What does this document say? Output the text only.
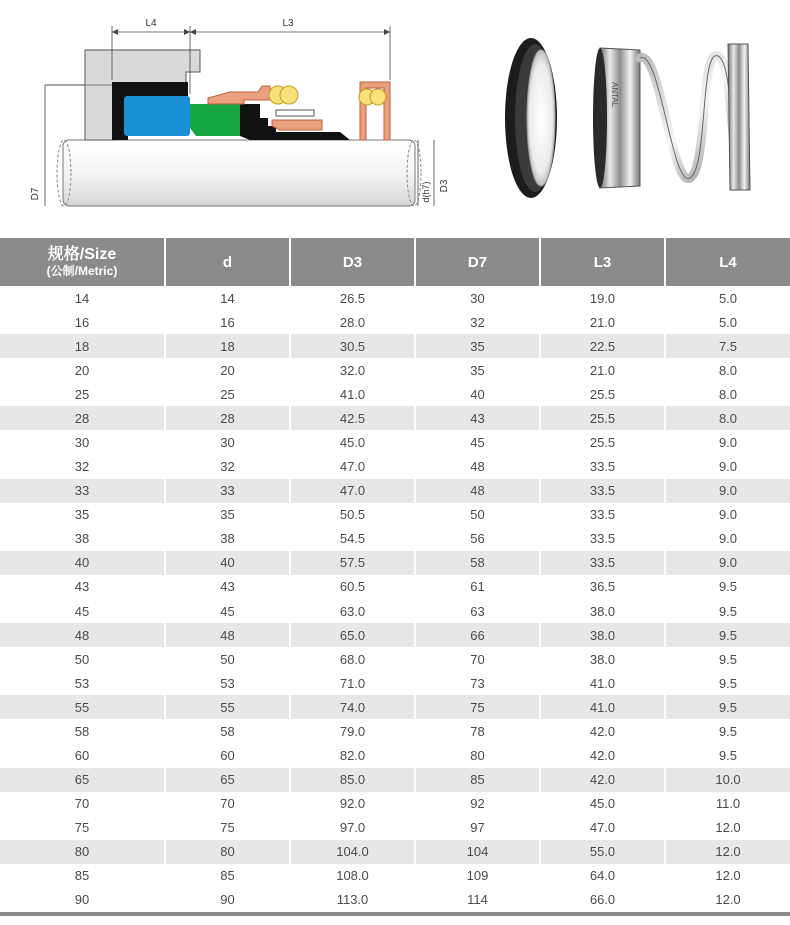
L4	L3
D7	d(h7) D3
ANTAL
规格/Size
(公制/Metric)	d	D3	D7	L3	L4
14	14	26.5	30	19.0	5.0
16	16	28.0	32	21.0	5.0
18	18	30.5	35	22.5	7.5
20	20	32.0	35	21.0	8.0
25	25	41.0	40	25.5	8.0
28	28	42.5	43	25.5	8.0
30	30	45.0	45	25.5	9.0
32	32	47.0	48	33.5	9.0
33	33	47.0	48	33.5	9.0
35	35	50.5	50	33.5	9.0
38	38	54.5	56	33.5	9.0
40	40	57.5	58	33.5	9.0
43	43	60.5	61	36.5	9.5
45	45	63.0	63	38.0	9.5
48	48	65.0	66	38.0	9.5
50	50	68.0	70	38.0	9.5
53	53	71.0	73	41.0	9.5
55	55	74.0	75	41.0	9.5
58	58	79.0	78	42.0	9.5
60	60	82.0	80	42.0	9.5
65	65	85.0	85	42.0	10.0
70	70	92.0	92	45.0	11.0
75	75	97.0	97	47.0	12.0
80	80	104.0	104	55.0	12.0
85	85	108.0	109	64.0	12.0
90	90	113.0	114	66.0	12.0
